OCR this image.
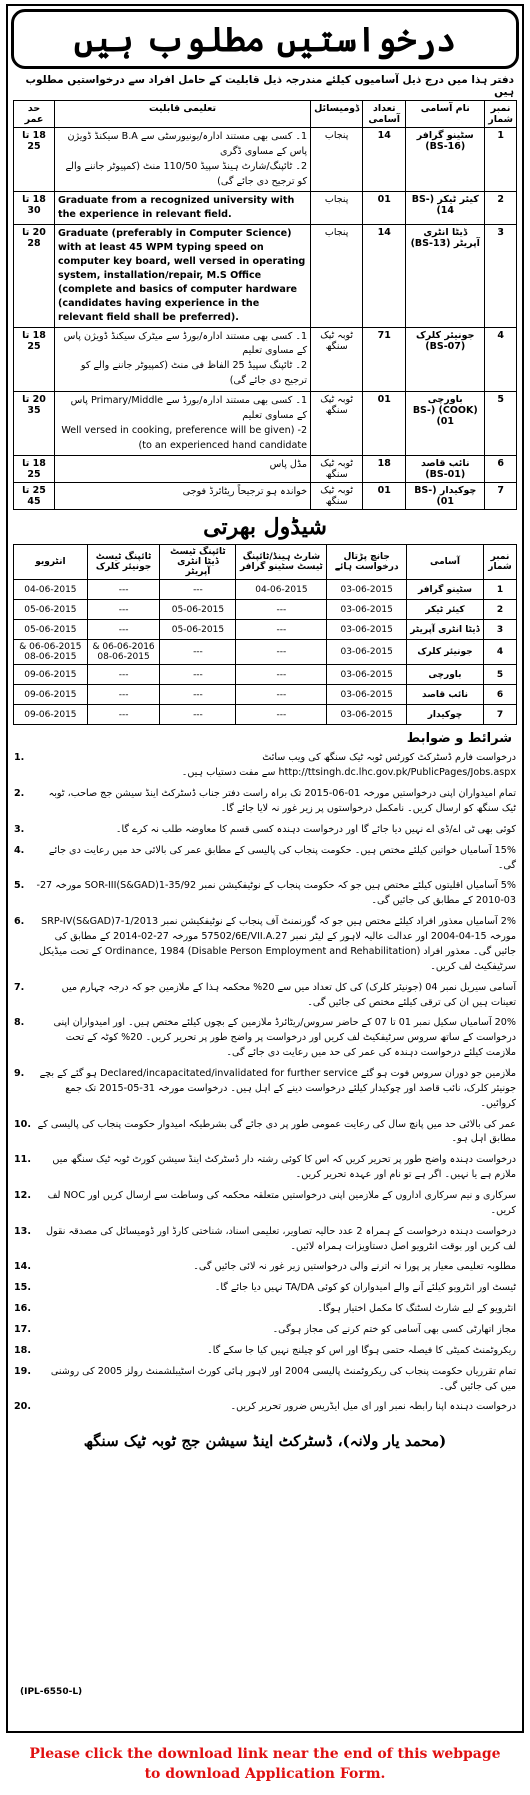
درخواستیں مطلوب ہیں
دفتر ہذا میں درج ذیل آسامیوں کیلئے مندرجہ ذیل قابلیت کے حامل افراد سے درخواستیں مطلوب ہیں
نمبر شمار	نام آسامی	تعداد آسامی	ڈومیسائل	تعلیمی قابلیت	حد عمر
1	سٹینو گرافر (BS-16)	14	پنجاب	1۔ کسی بھی مستند ادارہ/یونیورسٹی سے B.A سیکنڈ ڈویژن پاس کے مساوی ڈگری
2۔ ٹائپنگ/شارٹ ہینڈ سپیڈ 110/50 منٹ (کمپیوٹر جاننے والے کو ترجیح دی جائے گی)	18 تا 25
2	کیئر ٹیکر (BS-14)	01	پنجاب	Graduate from a recognized university with the experience in relevant field.	18 تا 30
3	ڈیٹا انٹری آپریٹر (BS-13)	14	پنجاب	Graduate (preferably in Computer Science) with at least 45 WPM typing speed on computer key board, well versed in operating system, installation/repair, M.S Office (complete and basics of computer hardware (candidates having experience in the relevant field shall be preferred).	20 تا 28
4	جونیئر کلرک (BS-07)	71	ٹوبہ ٹیک سنگھ	1۔ کسی بھی مستند ادارہ/بورڈ سے میٹرک سیکنڈ ڈویژن پاس کے مساوی تعلیم
2۔ ٹائپنگ سپیڈ 25 الفاظ فی منٹ (کمپیوٹر جاننے والے کو ترجیح دی جائے گی)	18 تا 25
5	باورچی (COOK) (BS-01)	01	ٹوبہ ٹیک سنگھ	1۔ کسی بھی مستند ادارہ/بورڈ سے Primary/Middle پاس کے مساوی تعلیم
2- (Well versed in cooking, preference will be given to an experienced hand candidate)	20 تا 35
6	نائب قاصد (BS-01)	18	ٹوبہ ٹیک سنگھ	مڈل پاس	18 تا 25
7	چوکیدار (BS-01)	01	ٹوبہ ٹیک سنگھ	خواندہ ہو ترجیحاً ریٹائرڈ فوجی	25 تا 45
شیڈول بھرتی
نمبر شمار	آسامی	جانچ پڑتال درخواست ہائے	شارٹ ہینڈ/ٹائپنگ ٹیسٹ سٹینو گرافر	ٹائپنگ ٹیسٹ ڈیٹا انٹری آپریٹر	ٹائپنگ ٹیسٹ جونیئر کلرک	انٹرویو
1	سٹینو گرافر	03-06-2015	04-06-2015	---	---	04-06-2015
2	کیئر ٹیکر	03-06-2015	---	05-06-2015	---	05-06-2015
3	ڈیٹا انٹری آپریٹر	03-06-2015	---	05-06-2015	---	05-06-2015
4	جونیئر کلرک	03-06-2015	---	---	06-06-2016 & 08-06-2015	06-06-2015 & 08-06-2015
5	باورچی	03-06-2015	---	---	---	09-06-2015
6	نائب قاصد	03-06-2015	---	---	---	09-06-2015
7	چوکیدار	03-06-2015	---	---	---	09-06-2015
شرائط و ضوابط
درخواست فارم ڈسٹرکٹ کورٹس ٹوبہ ٹیک سنگھ کی ویب سائٹ http://ttsingh.dc.lhc.gov.pk/PublicPages/Jobs.aspx سے مفت دستیاب ہیں۔
1.
تمام امیدواران اپنی درخواستیں مورخہ 01-06-2015 تک براہ راست دفتر جناب ڈسٹرکٹ اینڈ سیشن جج صاحب، ٹوبہ ٹیک سنگھ کو ارسال کریں۔ نامکمل درخواستوں پر زیر غور نہ لایا جائے گا۔
2.
کوئی بھی ٹی اے/ڈی اے نہیں دیا جائے گا اور درخواست دہندہ کسی قسم کا معاوضہ طلب نہ کرے گا۔
3.
15% آسامیاں خواتین کیلئے مختص ہیں۔ حکومت پنجاب کی پالیسی کے مطابق عمر کی بالائی حد میں رعایت دی جائے گی۔
4.
5% آسامیاں اقلیتوں کیلئے مختص ہیں جو کہ حکومت پنجاب کے نوٹیفکیشن نمبر SOR-III(S&GAD)1-35/92 مورخہ 27-03-2010 کے مطابق کی جائیں گی۔
5.
2% آسامیاں معذور افراد کیلئے مختص ہیں جو کہ گورنمنٹ آف پنجاب کے نوٹیفکیشن نمبر SRP-IV(S&GAD)7-1/2013 مورخہ 15-04-2004 اور عدالت عالیہ لاہور کے لیٹر نمبر 57502/6E/VII.A.27 مورخہ 27-02-2014 کے مطابق کی جائیں گی۔ معذور افراد (Disable Person Employment and Rehabilitation) Ordinance, 1984 کے تحت میڈیکل سرٹیفکیٹ لف کریں۔
6.
آسامی سیریل نمبر 04 (جونیئر کلرک) کی کل تعداد میں سے 20% محکمہ ہذا کے ملازمین جو کہ درجہ چہارم میں تعینات ہیں ان کی ترقی کیلئے مختص کی جائیں گی۔
7.
20% آسامیاں سکیل نمبر 01 تا 07 کے حاضر سروس/ریٹائرڈ ملازمین کے بچوں کیلئے مختص ہیں۔ اور امیدواران اپنی درخواست کے ساتھ سروس سرٹیفکیٹ لف کریں اور درخواست پر واضح طور پر تحریر کریں۔ 20% کوٹہ کے تحت ملازمت کیلئے درخواست دہندہ کی عمر کی حد میں رعایت دی جائے گی۔
8.
ملازمین جو دوران سروس فوت ہو گئے Declared/incapacitated/invalidated for further service ہو گئے کے بچے جونیئر کلرک، نائب قاصد اور چوکیدار کیلئے درخواست دینے کے اہل ہیں۔ درخواست مورخہ 31-05-2015 تک جمع کروائیں۔
9.
عمر کی بالائی حد میں پانچ سال کی رعایت عمومی طور پر دی جائے گی بشرطیکہ امیدوار حکومت پنجاب کی پالیسی کے مطابق اہل ہو۔
10.
درخواست دہندہ واضح طور پر تحریر کریں کہ اس کا کوئی رشتہ دار ڈسٹرکٹ اینڈ سیشن کورٹ ٹوبہ ٹیک سنگھ میں ملازم ہے یا نہیں۔ اگر ہے تو نام اور عہدہ تحریر کریں۔
11.
سرکاری و نیم سرکاری اداروں کے ملازمین اپنی درخواستیں متعلقہ محکمہ کی وساطت سے ارسال کریں اور NOC لف کریں۔
12.
درخواست دہندہ درخواست کے ہمراہ 2 عدد حالیہ تصاویر، تعلیمی اسناد، شناختی کارڈ اور ڈومیسائل کی مصدقہ نقول لف کریں اور بوقت انٹرویو اصل دستاویزات ہمراہ لائیں۔
13.
مطلوبہ تعلیمی معیار پر پورا نہ اترنے والی درخواستیں زیر غور نہ لائی جائیں گی۔
14.
ٹیسٹ اور انٹرویو کیلئے آنے والے امیدواران کو کوئی TA/DA نہیں دیا جائے گا۔
15.
انٹرویو کے لیے شارٹ لسٹنگ کا مکمل اختیار ہوگا۔
16.
مجاز اتھارٹی کسی بھی آسامی کو ختم کرنے کی مجاز ہوگی۔
17.
ریکروٹمنٹ کمیٹی کا فیصلہ حتمی ہوگا اور اس کو چیلنج نہیں کیا جا سکے گا۔
18.
تمام تقرریاں حکومت پنجاب کی ریکروٹمنٹ پالیسی 2004 اور لاہور ہائی کورٹ اسٹیبلشمنٹ رولز 2005 کی روشنی میں کی جائیں گی۔
19.
درخواست دہندہ اپنا رابطہ نمبر اور ای میل ایڈریس ضرور تحریر کریں۔
20.
(محمد یار ولانہ)، ڈسٹرکٹ اینڈ سیشن جج ٹوبہ ٹیک سنگھ
(IPL-6550-L)
Please click the download link near the end of this webpage
to download Application Form.
